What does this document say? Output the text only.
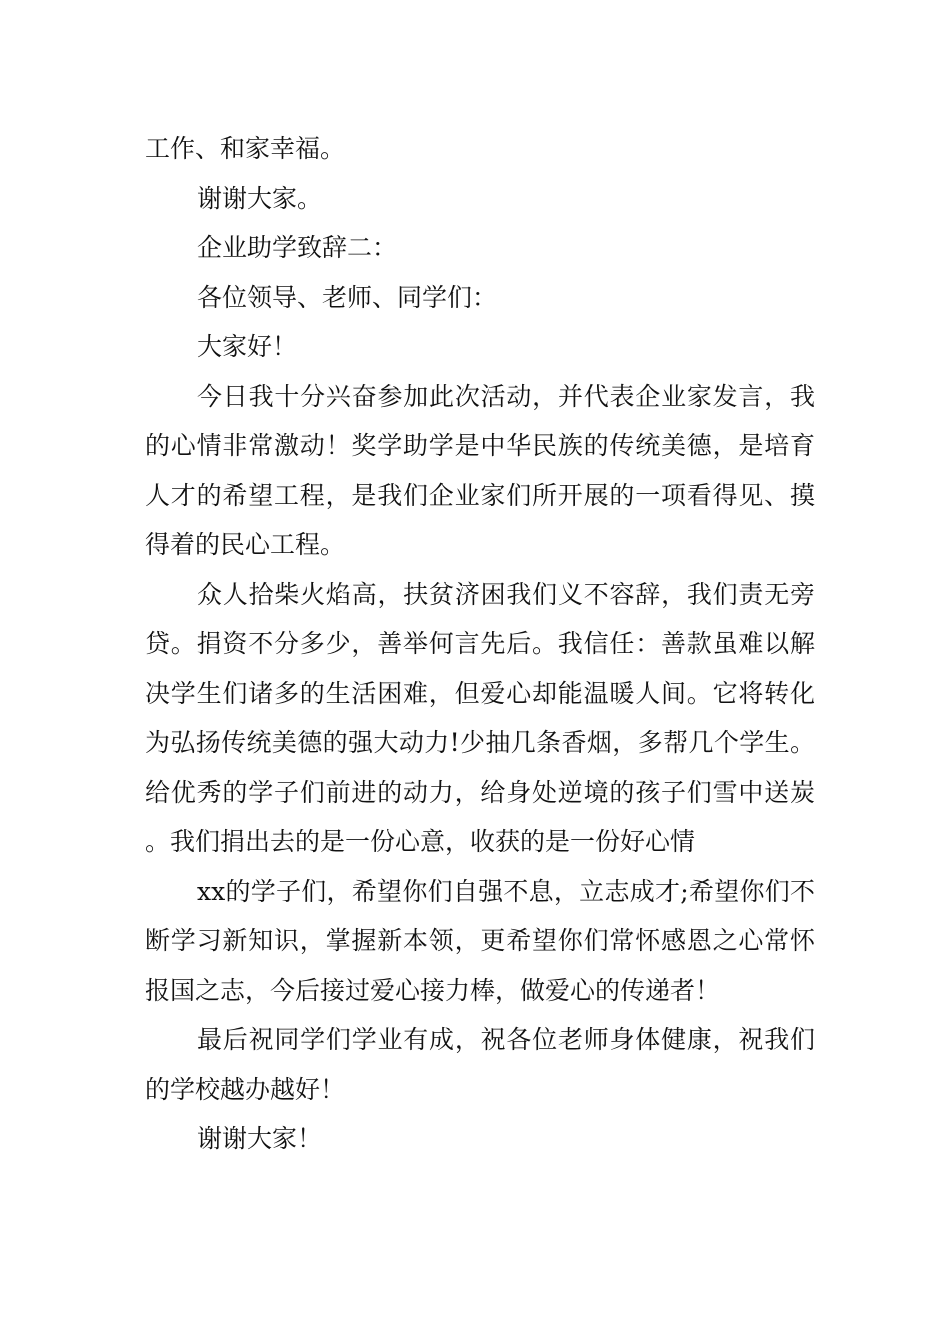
工作、和家幸福。

谢谢大家。

企业助学致辞二：

各位领导、老师、同学们：

大家好！

今日我十分兴奋参加此次活动，并代表企业家发言，我的心情非常激动！奖学助学是中华民族的传统美德，是培育人才的希望工程，是我们企业家们所开展的一项看得见、摸得着的民心工程。

众人拾柴火焰高，扶贫济困我们义不容辞，我们责无旁贷。捐资不分多少，善举何言先后。我信任：善款虽难以解决学生们诸多的生活困难，但爱心却能温暖人间。它将转化为弘扬传统美德的强大动力!少抽几条香烟，多帮几个学生。给优秀的学子们前进的动力，给身处逆境的孩子们雪中送炭。我们捐出去的是一份心意，收获的是一份好心情

xx的学子们，希望你们自强不息，立志成才;希望你们不断学习新知识，掌握新本领，更希望你们常怀感恩之心常怀报国之志，今后接过爱心接力棒，做爱心的传递者！

最后祝同学们学业有成，祝各位老师身体健康，祝我们的学校越办越好！

谢谢大家！
